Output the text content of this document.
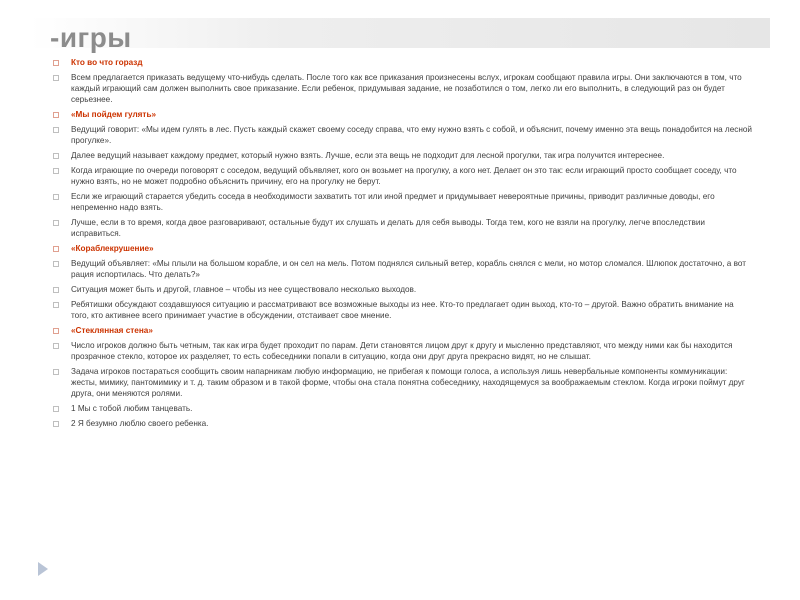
-игры
Кто во что горазд
Всем предлагается приказать ведущему что-нибудь сделать. После того как все приказания произнесены вслух, игрокам сообщают правила игры. Они заключаются в том, что каждый играющий сам должен выполнить свое приказание. Если ребенок, придумывая задание, не позаботился о том, легко ли его выполнить, в следующий раз он будет серьезнее.
«Мы пойдем гулять»
Ведущий говорит: «Мы идем гулять в лес. Пусть каждый скажет своему соседу справа, что ему нужно взять с собой, и объяснит, почему именно эта вещь понадобится на лесной прогулке».
Далее ведущий называет каждому предмет, который нужно взять. Лучше, если эта вещь не подходит для лесной прогулки, так игра получится интереснее.
Когда играющие по очереди поговорят с соседом, ведущий объявляет, кого он возьмет на прогулку, а кого нет. Делает он это так: если играющий просто сообщает соседу, что нужно взять, но не может подробно объяснить причину, его на прогулку не берут.
Если же играющий старается убедить соседа в необходимости захватить тот или иной предмет и придумывает невероятные причины, приводит различные доводы, его непременно надо взять.
Лучше, если в то время, когда двое разговаривают, остальные будут их слушать и делать для себя выводы. Тогда тем, кого не взяли на прогулку, легче впоследствии исправиться.
«Кораблекрушение»
Ведущий объявляет: «Мы плыли на большом корабле, и он сел на мель. Потом поднялся сильный ветер, корабль снялся с мели, но мотор сломался. Шлюпок достаточно, а вот рация испортилась. Что делать?»
Ситуация может быть и другой, главное – чтобы из нее существовало несколько выходов.
Ребятишки обсуждают создавшуюся ситуацию и рассматривают все возможные выходы из нее. Кто-то предлагает один выход, кто-то – другой. Важно обратить внимание на того, кто активнее всего принимает участие в обсуждении, отстаивает свое мнение.
«Стеклянная стена»
Число игроков должно быть четным, так как игра будет проходит по парам. Дети становятся лицом друг к другу и мысленно представляют, что между ними как бы находится прозрачное стекло, которое их разделяет, то есть собеседники попали в ситуацию, когда они друг друга прекрасно видят, но не слышат.
Задача игроков постараться сообщить своим напарникам любую информацию, не прибегая к помощи голоса, а используя лишь невербальные компоненты коммуникации: жесты, мимику, пантомимику и т. д. таким образом и в такой форме, чтобы она стала понятна собеседнику, находящемуся за воображаемым стеклом. Когда игроки поймут друг друга, они меняются ролями.
1 Мы с тобой любим танцевать.
2 Я безумно люблю своего ребенка.
